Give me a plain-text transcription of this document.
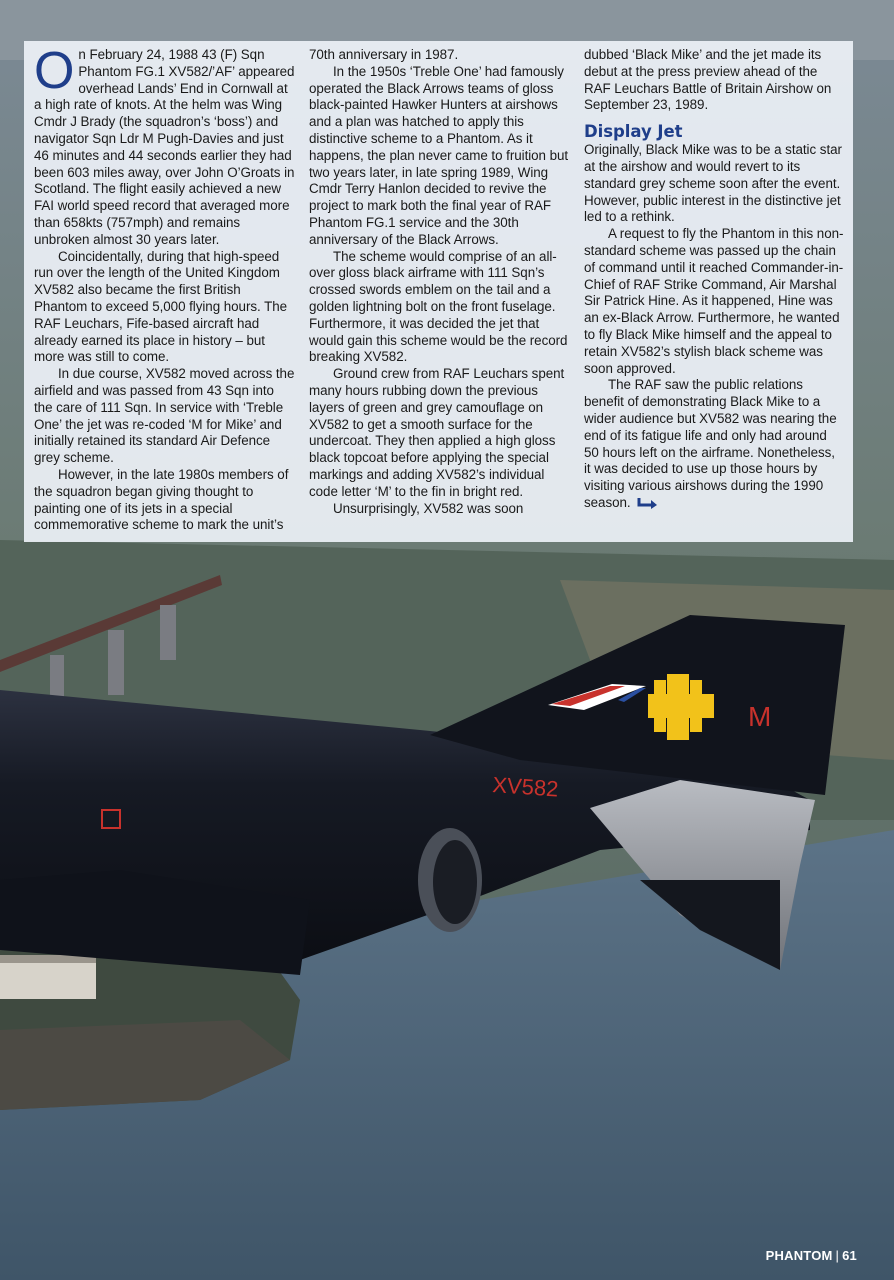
M
XV582

On February 24, 1988 43 (F) Sqn Phantom FG.1 XV582/’AF’ appeared overhead Lands’ End in Cornwall at a high rate of knots. At the helm was Wing Cmdr J Brady (the squadron’s ‘boss’) and navigator Sqn Ldr M Pugh-Davies and just 46 minutes and 44 seconds earlier they had been 603 miles away, over John O’Groats in Scotland. The flight easily achieved a new FAI world speed record that averaged more than 658kts (757mph) and remains unbroken almost 30 years later.

Coincidentally, during that high-speed run over the length of the United Kingdom XV582 also became the first British Phantom to exceed 5,000 flying hours. The RAF Leuchars, Fife-based aircraft had already earned its place in history – but more was still to come.

In due course, XV582 moved across the airfield and was passed from 43 Sqn into the care of 111 Sqn. In service with ‘Treble One’ the jet was re-coded ‘M for Mike’ and initially retained its standard Air Defence grey scheme.

However, in the late 1980s members of the squadron began giving thought to painting one of its jets in a special commemorative scheme to mark the unit’s

70th anniversary in 1987.

In the 1950s ‘Treble One’ had famously operated the Black Arrows teams of gloss black-painted Hawker Hunters at airshows and a plan was hatched to apply this distinctive scheme to a Phantom. As it happens, the plan never came to fruition but two years later, in late spring 1989, Wing Cmdr Terry Hanlon decided to revive the project to mark both the final year of RAF Phantom FG.1 service and the 30th anniversary of the Black Arrows.

The scheme would comprise of an all-over gloss black airframe with 111 Sqn’s crossed swords emblem on the tail and a golden lightning bolt on the front fuselage. Furthermore, it was decided the jet that would gain this scheme would be the record breaking XV582.

Ground crew from RAF Leuchars spent many hours rubbing down the previous layers of green and grey camouflage on XV582 to get a smooth surface for the undercoat. They then applied a high gloss black topcoat before applying the special markings and adding XV582’s individual code letter ‘M’ to the fin in bright red.

Unsurprisingly, XV582 was soon

dubbed ‘Black Mike’ and the jet made its debut at the press preview ahead of the RAF Leuchars Battle of Britain Airshow on September 23, 1989.

Display Jet

Originally, Black Mike was to be a static star at the airshow and would revert to its standard grey scheme soon after the event. However, public interest in the distinctive jet led to a rethink.

A request to fly the Phantom in this non-standard scheme was passed up the chain of command until it reached Commander-in-Chief of RAF Strike Command, Air Marshal Sir Patrick Hine. As it happened, Hine was an ex-Black Arrow. Furthermore, he wanted to fly Black Mike himself and the appeal to retain XV582’s stylish black scheme was soon approved.

The RAF saw the public relations benefit of demonstrating Black Mike to a wider audience but XV582 was nearing the end of its fatigue life and only had around 50 hours left on the airframe. Nonetheless, it was decided to use up those hours by visiting various airshows during the 1990 season.

PHANTOM | 61
